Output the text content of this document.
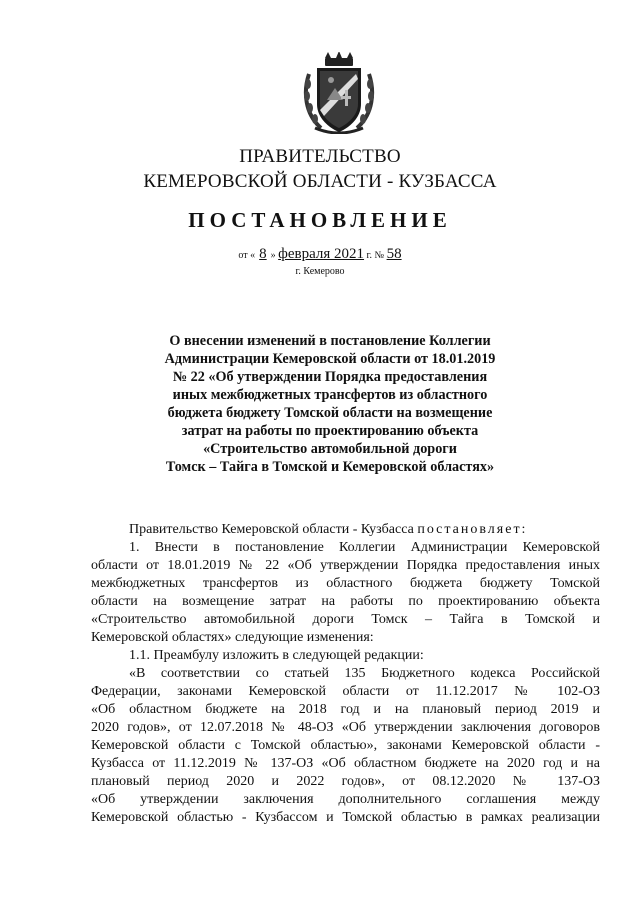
ПРАВИТЕЛЬСТВО
КЕМЕРОВСКОЙ ОБЛАСТИ - КУЗБАССА
ПОСТАНОВЛЕНИЕ
от « 8 » февраля 2021 г. № 58
г. Кемерово
О внесении изменений в постановление Коллегии
Администрации Кемеровской области от 18.01.2019
№ 22 «Об утверждении Порядка предоставления
иных межбюджетных трансфертов из областного
бюджета бюджету Томской области на возмещение
затрат на работы по проектированию объекта
«Строительство автомобильной дороги
Томск – Тайга в Томской и Кемеровской областях»
Правительство Кемеровской области - Кузбасса постановляет:
1. Внести в постановление Коллегии Администрации Кемеровской
области от 18.01.2019 № 22 «Об утверждении Порядка предоставления иных
межбюджетных трансфертов из областного бюджета бюджету Томской
области на возмещение затрат на работы по проектированию объекта
«Строительство автомобильной дороги Томск – Тайга в Томской и
Кемеровской областях» следующие изменения:
1.1. Преамбулу изложить в следующей редакции:
«В соответствии со статьей 135 Бюджетного кодекса Российской
Федерации, законами Кемеровской области от 11.12.2017 № 102-ОЗ
«Об областном бюджете на 2018 год и на плановый период 2019 и
2020 годов», от 12.07.2018 № 48-ОЗ «Об утверждении заключения договоров
Кемеровской области с Томской областью», законами Кемеровской области -
Кузбасса от 11.12.2019 № 137-ОЗ «Об областном бюджете на 2020 год и на
плановый период 2020 и 2022 годов», от 08.12.2020 № 137-ОЗ
«Об утверждении заключения дополнительного соглашения между
Кемеровской областью - Кузбассом и Томской областью в рамках реализации
